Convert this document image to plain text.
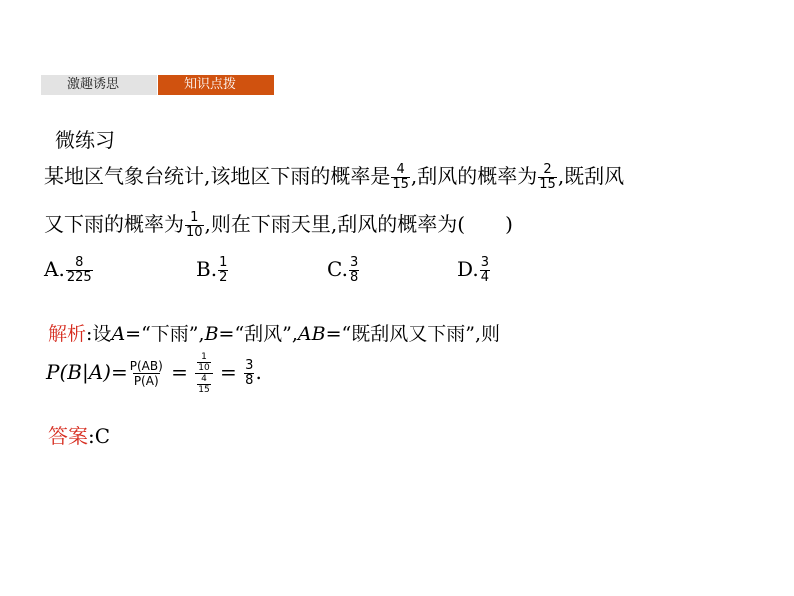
激趣诱思	知识点拨
微练习
某地区气象台统计,该地区下雨的概率是 $\frac{4}{15}$ ,刮风的概率为 $\frac{2}{15}$ ,既刮风
又下雨的概率为 $\frac{1}{10}$ ,则在下雨天里,刮风的概率为(　　)
A. $\frac{8}{225}$	B. $\frac{1}{2}$	C. $\frac{3}{8}$	D. $\frac{3}{4}$
解析:设A=“下雨”,B=“刮风”,AB=“既刮风又下雨”,则
$P(B|A)= \frac{P(AB)}{P(A)} = \frac{\frac{1}{10}}{\frac{4}{15}} = \frac{3}{8}$ .
答案:C
